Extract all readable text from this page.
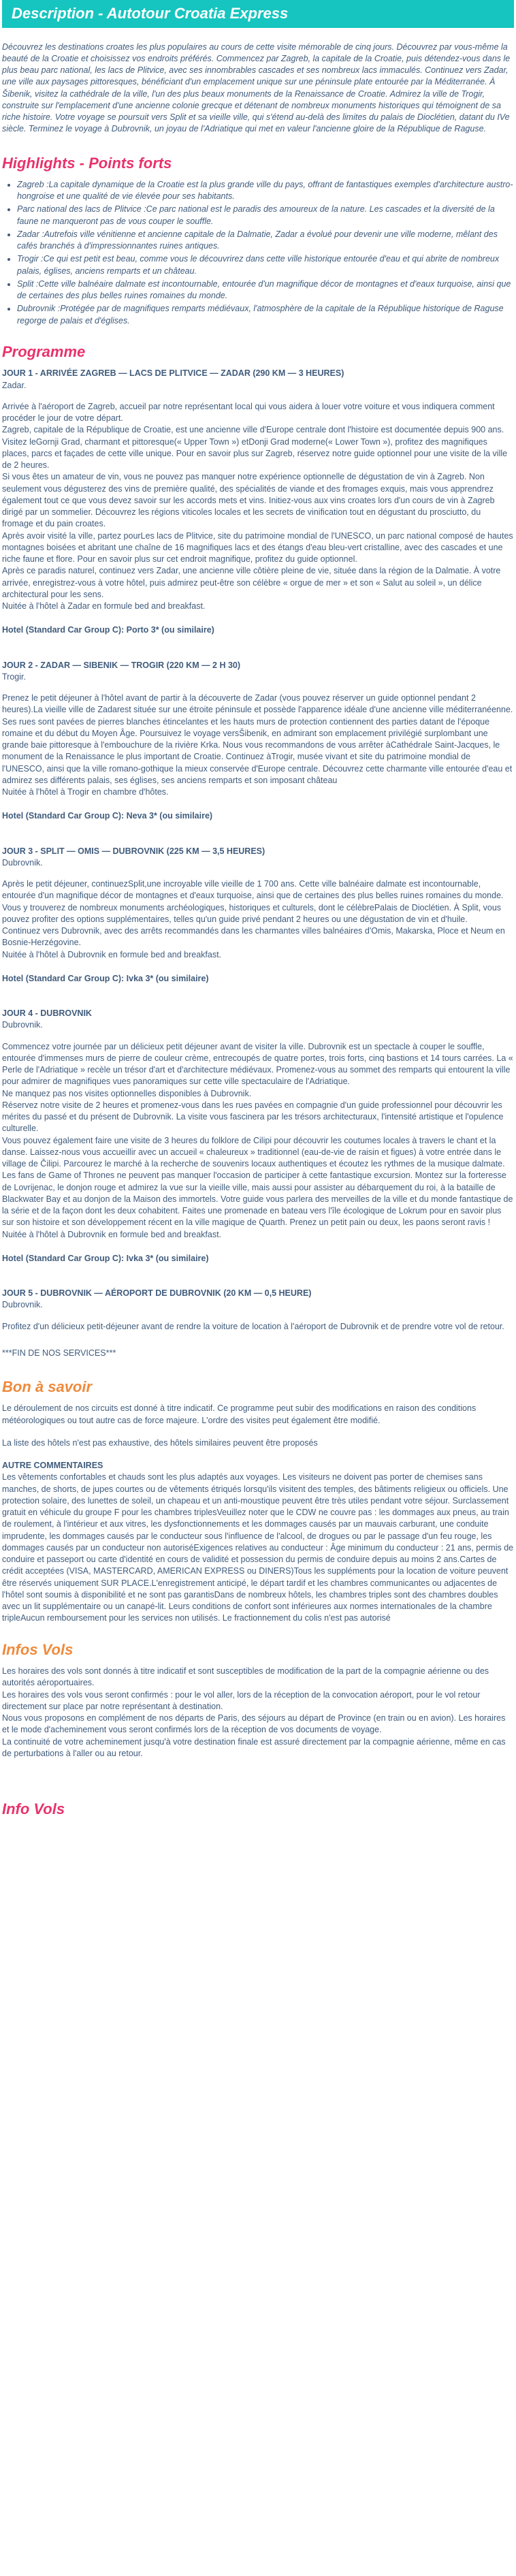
Description - Autotour Croatia Express

Découvrez les destinations croates les plus populaires au cours de cette visite mémorable de cinq jours. Découvrez par vous-même la beauté de la Croatie et choisissez vos endroits préférés. Commencez par Zagreb, la capitale de la Croatie, puis détendez-vous dans le plus beau parc national, les lacs de Plitvice, avec ses innombrables cascades et ses nombreux lacs immaculés. Continuez vers Zadar, une ville aux paysages pittoresques, bénéficiant d'un emplacement unique sur une péninsule plate entourée par la Méditerranée. À Šibenik, visitez la cathédrale de la ville, l'un des plus beaux monuments de la Renaissance de Croatie. Admirez la ville de Trogir, construite sur l'emplacement d'une ancienne colonie grecque et détenant de nombreux monuments historiques qui témoignent de sa riche histoire. Votre voyage se poursuit vers Split et sa vieille ville, qui s'étend au-delà des limites du palais de Dioclétien, datant du IVe siècle. Terminez le voyage à Dubrovnik, un joyau de l'Adriatique qui met en valeur l'ancienne gloire de la République de Raguse.

Highlights - Points forts
• Zagreb :La capitale dynamique de la Croatie est la plus grande ville du pays, offrant de fantastiques exemples d'architecture austro-hongroise et une qualité de vie élevée pour ses habitants.
• Parc national des lacs de Plitvice :Ce parc national est le paradis des amoureux de la nature. Les cascades et la diversité de la faune ne manqueront pas de vous couper le souffle.
• Zadar :Autrefois ville vénitienne et ancienne capitale de la Dalmatie, Zadar a évolué pour devenir une ville moderne, mêlant des cafés branchés à d'impressionnantes ruines antiques.
• Trogir :Ce qui est petit est beau, comme vous le découvrirez dans cette ville historique entourée d'eau et qui abrite de nombreux palais, églises, anciens remparts et un château.
• Split :Cette ville balnéaire dalmate est incontournable, entourée d'un magnifique décor de montagnes et d'eaux turquoise, ainsi que de certaines des plus belles ruines romaines du monde.
• Dubrovnik :Protégée par de magnifiques remparts médiévaux, l'atmosphère de la capitale de la République historique de Raguse regorge de palais et d'églises.
Programme

JOUR 1 - ARRIVÉE ZAGREB — LACS DE PLITVICE — ZADAR (290 KM — 3 HEURES)

Zadar.

Arrivée à l'aéroport de Zagreb, accueil par notre représentant local qui vous aidera à louer votre voiture et vous indiquera comment procéder le jour de votre départ.

Zagreb, capitale de la République de Croatie, est une ancienne ville d'Europe centrale dont l'histoire est documentée depuis 900 ans. Visitez leGornji Grad, charmant et pittoresque(« Upper Town ») etDonji Grad moderne(« Lower Town »), profitez des magnifiques places, parcs et façades de cette ville unique. Pour en savoir plus sur Zagreb, réservez notre guide optionnel pour une visite de la ville de 2 heures.

Si vous êtes un amateur de vin, vous ne pouvez pas manquer notre expérience optionnelle de dégustation de vin à Zagreb. Non seulement vous dégusterez des vins de première qualité, des spécialités de viande et des fromages exquis, mais vous apprendrez également tout ce que vous devez savoir sur les accords mets et vins. Initiez-vous aux vins croates lors d'un cours de vin à Zagreb dirigé par un sommelier. Découvrez les régions viticoles locales et les secrets de vinification tout en dégustant du prosciutto, du fromage et du pain croates.

Après avoir visité la ville, partez pourLes lacs de Plitvice, site du patrimoine mondial de l'UNESCO, un parc national composé de hautes montagnes boisées et abritant une chaîne de 16 magnifiques lacs et des étangs d'eau bleu-vert cristalline, avec des cascades et une riche faune et flore. Pour en savoir plus sur cet endroit magnifique, profitez du guide optionnel.

Après ce paradis naturel, continuez vers Zadar, une ancienne ville côtière pleine de vie, située dans la région de la Dalmatie. À votre arrivée, enregistrez-vous à votre hôtel, puis admirez peut-être son célèbre « orgue de mer » et son « Salut au soleil », un délice architectural pour les sens.

Nuitée à l'hôtel à Zadar en formule bed and breakfast.

Hotel (Standard Car Group C): Porto 3* (ou similaire)

JOUR 2 - ZADAR — SIBENIK — TROGIR (220 KM — 2 H 30)

Trogir.

Prenez le petit déjeuner à l'hôtel avant de partir à la découverte de Zadar (vous pouvez réserver un guide optionnel pendant 2 heures).La vieille ville de Zadarest située sur une étroite péninsule et possède l'apparence idéale d'une ancienne ville méditerranéenne. Ses rues sont pavées de pierres blanches étincelantes et les hauts murs de protection contiennent des parties datant de l'époque romaine et du début du Moyen Âge. Poursuivez le voyage versŠibenik, en admirant son emplacement privilégié surplombant une grande baie pittoresque à l'embouchure de la rivière Krka. Nous vous recommandons de vous arrêter àCathédrale Saint-Jacques, le monument de la Renaissance le plus important de Croatie. Continuez àTrogir, musée vivant et site du patrimoine mondial de l'UNESCO, ainsi que la ville romano-gothique la mieux conservée d'Europe centrale. Découvrez cette charmante ville entourée d'eau et admirez ses différents palais, ses églises, ses anciens remparts et son imposant château

Nuitée à l'hôtel à Trogir en chambre d'hôtes.

Hotel (Standard Car Group C): Neva 3* (ou similaire)

JOUR 3 - SPLIT — OMIS — DUBROVNIK (225 KM — 3,5 HEURES)

Dubrovnik.

Après le petit déjeuner, continuezSplit,une incroyable ville vieille de 1 700 ans. Cette ville balnéaire dalmate est incontournable, entourée d'un magnifique décor de montagnes et d'eaux turquoise, ainsi que de certaines des plus belles ruines romaines du monde. Vous y trouverez de nombreux monuments archéologiques, historiques et culturels, dont le célèbrePalais de Dioclétien. À Split, vous pouvez profiter des options supplémentaires, telles qu'un guide privé pendant 2 heures ou une dégustation de vin et d'huile.

Continuez vers Dubrovnik, avec des arrêts recommandés dans les charmantes villes balnéaires d'Omis, Makarska, Ploce et Neum en Bosnie-Herzégovine.

Nuitée à l'hôtel à Dubrovnik en formule bed and breakfast.

Hotel (Standard Car Group C): Ivka 3* (ou similaire)

JOUR 4 - DUBROVNIK

Dubrovnik.

Commencez votre journée par un délicieux petit déjeuner avant de visiter la ville. Dubrovnik est un spectacle à couper le souffle, entourée d'immenses murs de pierre de couleur crème, entrecoupés de quatre portes, trois forts, cinq bastions et 14 tours carrées. La « Perle de l'Adriatique » recèle un trésor d'art et d'architecture médiévaux. Promenez-vous au sommet des remparts qui entourent la ville pour admirer de magnifiques vues panoramiques sur cette ville spectaculaire de l'Adriatique.

Ne manquez pas nos visites optionnelles disponibles à Dubrovnik.

Réservez notre visite de 2 heures et promenez-vous dans les rues pavées en compagnie d'un guide professionnel pour découvrir les mérites du passé et du présent de Dubrovnik. La visite vous fascinera par les trésors architecturaux, l'intensité artistique et l'opulence culturelle.

Vous pouvez également faire une visite de 3 heures du folklore de Cilipi pour découvrir les coutumes locales à travers le chant et la danse. Laissez-nous vous accueillir avec un accueil « chaleureux » traditionnel (eau-de-vie de raisin et figues) à votre entrée dans le village de Čilipi. Parcourez le marché à la recherche de souvenirs locaux authentiques et écoutez les rythmes de la musique dalmate.

Les fans de Game of Thrones ne peuvent pas manquer l'occasion de participer à cette fantastique excursion. Montez sur la forteresse de Lovrijenac, le donjon rouge et admirez la vue sur la vieille ville, mais aussi pour assister au débarquement du roi, à la bataille de Blackwater Bay et au donjon de la Maison des immortels. Votre guide vous parlera des merveilles de la ville et du monde fantastique de la série et de la façon dont les deux cohabitent. Faites une promenade en bateau vers l'île écologique de Lokrum pour en savoir plus sur son histoire et son développement récent en la ville magique de Quarth. Prenez un petit pain ou deux, les paons seront ravis !

Nuitée à l'hôtel à Dubrovnik en formule bed and breakfast.

Hotel (Standard Car Group C): Ivka 3* (ou similaire)

JOUR 5 - DUBROVNIK — AÉROPORT DE DUBROVNIK (20 KM — 0,5 HEURE)

Dubrovnik.

Profitez d'un délicieux petit-déjeuner avant de rendre la voiture de location à l'aéroport de Dubrovnik et de prendre votre vol de retour.

***FIN DE NOS SERVICES***

Bon à savoir

Le déroulement de nos circuits est donné à titre indicatif. Ce programme peut subir des modifications en raison des conditions météorologiques ou tout autre cas de force majeure. L'ordre des visites peut également être modifié.

La liste des hôtels n'est pas exhaustive, des hôtels similaires peuvent être proposés

AUTRE COMMENTAIRES

Les vêtements confortables et chauds sont les plus adaptés aux voyages. Les visiteurs ne doivent pas porter de chemises sans manches, de shorts, de jupes courtes ou de vêtements étriqués lorsqu'ils visitent des temples, des bâtiments religieux ou officiels. Une protection solaire, des lunettes de soleil, un chapeau et un anti-moustique peuvent être très utiles pendant votre séjour. Surclassement gratuit en véhicule du groupe F pour les chambres triplesVeuillez noter que le CDW ne couvre pas : les dommages aux pneus, au train de roulement, à l'intérieur et aux vitres, les dysfonctionnements et les dommages causés par un mauvais carburant, une conduite imprudente, les dommages causés par le conducteur sous l'influence de l'alcool, de drogues ou par le passage d'un feu rouge, les dommages causés par un conducteur non autoriséExigences relatives au conducteur : Âge minimum du conducteur : 21 ans, permis de conduire et passeport ou carte d'identité en cours de validité et possession du permis de conduire depuis au moins 2 ans.Cartes de crédit acceptées (VISA, MASTERCARD, AMERICAN EXPRESS ou DINERS)Tous les suppléments pour la location de voiture peuvent être réservés uniquement SUR PLACE.L'enregistrement anticipé, le départ tardif et les chambres communicantes ou adjacentes de l'hôtel sont soumis à disponibilité et ne sont pas garantisDans de nombreux hôtels, les chambres triples sont des chambres doubles avec un lit supplémentaire ou un canapé-lit. Leurs conditions de confort sont inférieures aux normes internationales de la chambre tripleAucun remboursement pour les services non utilisés. Le fractionnement du colis n'est pas autorisé

Infos Vols

Les horaires des vols sont donnés à titre indicatif et sont susceptibles de modification de la part de la compagnie aérienne ou des autorités aéroportuaires.

Les horaires des vols vous seront confirmés : pour le vol aller, lors de la réception de la convocation aéroport, pour le vol retour directement sur place par notre représentant à destination.

Nous vous proposons en complément de nos départs de Paris, des séjours au départ de Province (en train ou en avion). Les horaires et le mode d'acheminement vous seront confirmés lors de la réception de vos documents de voyage.

La continuité de votre acheminement jusqu'à votre destination finale est assuré directement par la compagnie aérienne, même en cas de perturbations à l'aller ou au retour.

Info Vols
